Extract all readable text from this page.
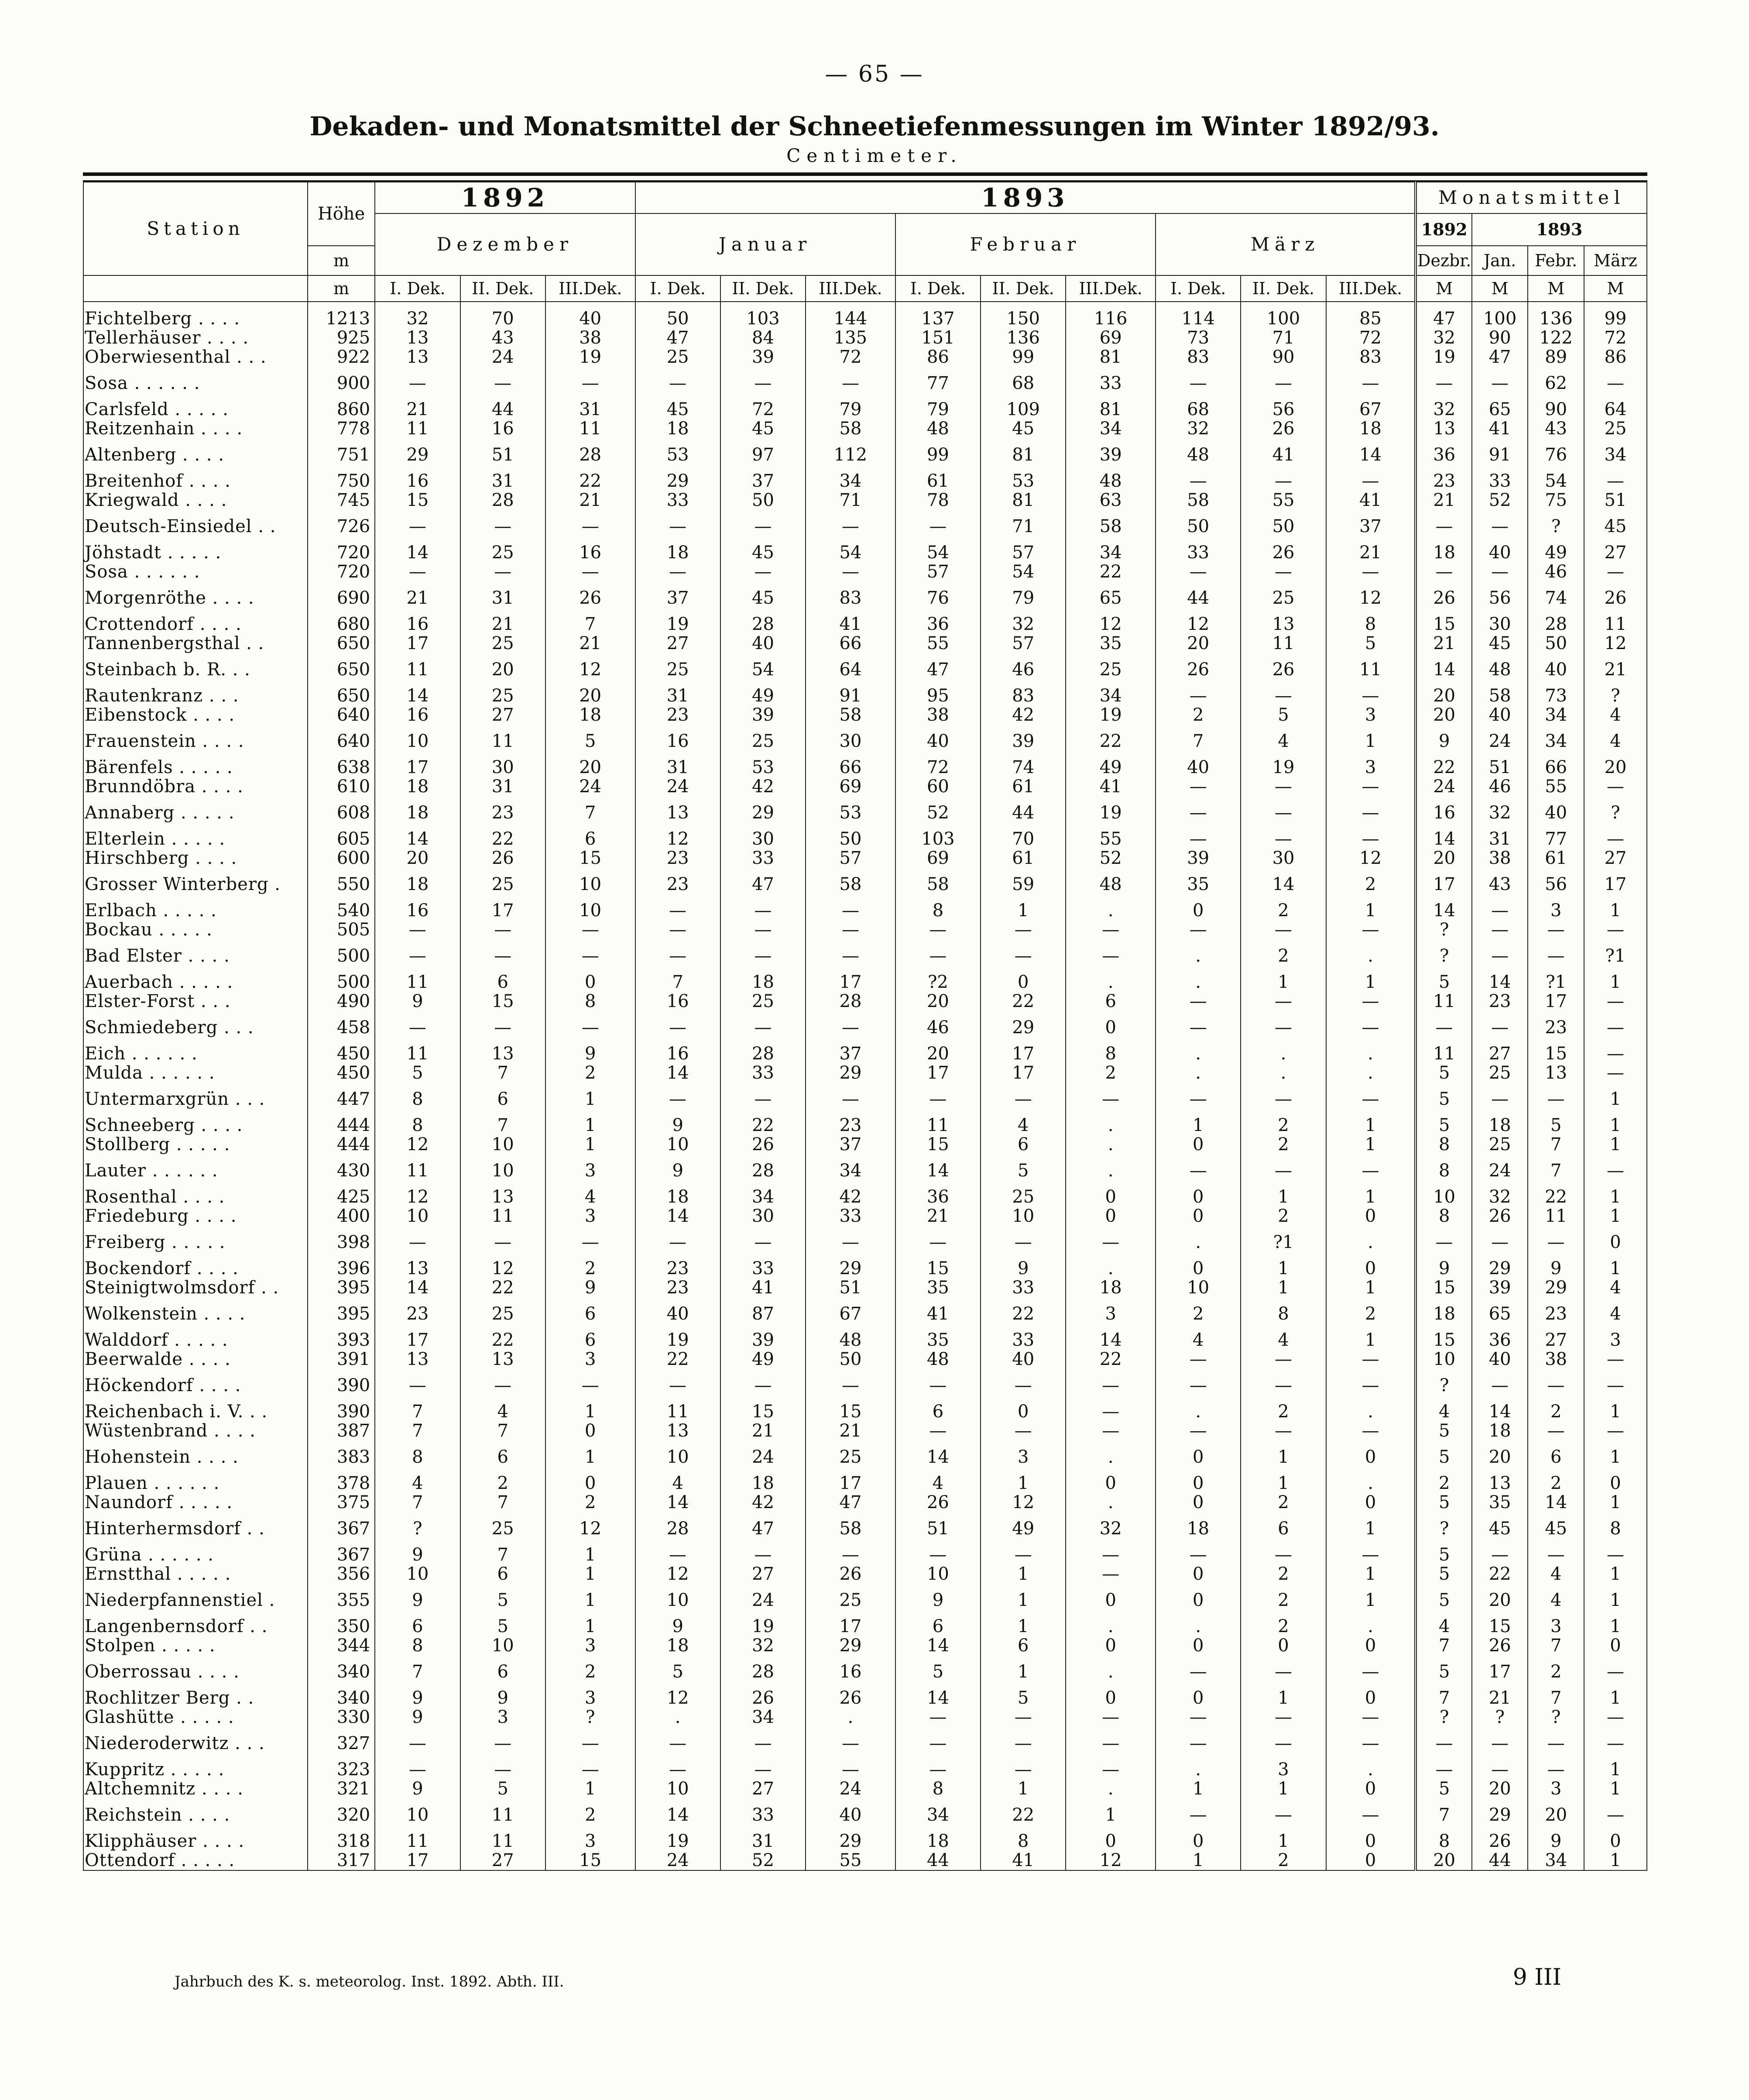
— 65 —
Dekaden- und Monatsmittel der Schneetiefenmessungen im Winter 1892/93.
Centimeter.
Station	Höhe	1892			1893									Monatsmittel			
		Dezember			Januar			Februar			März			1892	1893		
	m													Dezbr.	Jan.	Febr.	März
	m	I. Dek.	II. Dek.	III.Dek.	I. Dek.	II. Dek.	III.Dek.	I. Dek.	II. Dek.	III.Dek.	I. Dek.	II. Dek.	III.Dek.	M	M	M	M
Fichtelberg . . . .	1213	32	70	40	50	103	144	137	150	116	114	100	85	47	100	136	99
Tellerhäuser . . . .	925	13	43	38	47	84	135	151	136	69	73	71	72	32	90	122	72
Oberwiesenthal . . .	922	13	24	19	25	39	72	86	99	81	83	90	83	19	47	89	86
Sosa . . . . . .	900	—	—	—	—	—	—	77	68	33	—	—	—	—	—	62	—
Carlsfeld . . . . .	860	21	44	31	45	72	79	79	109	81	68	56	67	32	65	90	64
Reitzenhain . . . .	778	11	16	11	18	45	58	48	45	34	32	26	18	13	41	43	25
Altenberg . . . .	751	29	51	28	53	97	112	99	81	39	48	41	14	36	91	76	34
Breitenhof . . . .	750	16	31	22	29	37	34	61	53	48	—	—	—	23	33	54	—
Kriegwald . . . .	745	15	28	21	33	50	71	78	81	63	58	55	41	21	52	75	51
Deutsch-Einsiedel . .	726	—	—	—	—	—	—	—	71	58	50	50	37	—	—	?	45
Jöhstadt . . . . .	720	14	25	16	18	45	54	54	57	34	33	26	21	18	40	49	27
Sosa . . . . . .	720	—	—	—	—	—	—	57	54	22	—	—	—	—	—	46	—
Morgenröthe . . . .	690	21	31	26	37	45	83	76	79	65	44	25	12	26	56	74	26
Crottendorf . . . .	680	16	21	7	19	28	41	36	32	12	12	13	8	15	30	28	11
Tannenbergsthal . .	650	17	25	21	27	40	66	55	57	35	20	11	5	21	45	50	12
Steinbach b. R. . .	650	11	20	12	25	54	64	47	46	25	26	26	11	14	48	40	21
Rautenkranz . . .	650	14	25	20	31	49	91	95	83	34	—	—	—	20	58	73	?
Eibenstock . . . .	640	16	27	18	23	39	58	38	42	19	2	5	3	20	40	34	4
Frauenstein . . . .	640	10	11	5	16	25	30	40	39	22	7	4	1	9	24	34	4
Bärenfels . . . . .	638	17	30	20	31	53	66	72	74	49	40	19	3	22	51	66	20
Brunndöbra . . . .	610	18	31	24	24	42	69	60	61	41	—	—	—	24	46	55	—
Annaberg . . . . .	608	18	23	7	13	29	53	52	44	19	—	—	—	16	32	40	?
Elterlein . . . . .	605	14	22	6	12	30	50	103	70	55	—	—	—	14	31	77	—
Hirschberg . . . .	600	20	26	15	23	33	57	69	61	52	39	30	12	20	38	61	27
Grosser Winterberg .	550	18	25	10	23	47	58	58	59	48	35	14	2	17	43	56	17
Erlbach . . . . .	540	16	17	10	—	—	—	8	1	.	0	2	1	14	—	3	1
Bockau . . . . .	505	—	—	—	—	—	—	—	—	—	—	—	—	?	—	—	—
Bad Elster . . . .	500	—	—	—	—	—	—	—	—	—	.	2	.	?	—	—	?1
Auerbach . . . . .	500	11	6	0	7	18	17	?2	0	.	.	1	1	5	14	?1	1
Elster-Forst . . .	490	9	15	8	16	25	28	20	22	6	—	—	—	11	23	17	—
Schmiedeberg . . .	458	—	—	—	—	—	—	46	29	0	—	—	—	—	—	23	—
Eich . . . . . .	450	11	13	9	16	28	37	20	17	8	.	.	.	11	27	15	—
Mulda . . . . . .	450	5	7	2	14	33	29	17	17	2	.	.	.	5	25	13	—
Untermarxgrün . . .	447	8	6	1	—	—	—	—	—	—	—	—	—	5	—	—	1
Schneeberg . . . .	444	8	7	1	9	22	23	11	4	.	1	2	1	5	18	5	1
Stollberg . . . . .	444	12	10	1	10	26	37	15	6	.	0	2	1	8	25	7	1
Lauter . . . . . .	430	11	10	3	9	28	34	14	5	.	—	—	—	8	24	7	—
Rosenthal . . . .	425	12	13	4	18	34	42	36	25	0	0	1	1	10	32	22	1
Friedeburg . . . .	400	10	11	3	14	30	33	21	10	0	0	2	0	8	26	11	1
Freiberg . . . . .	398	—	—	—	—	—	—	—	—	—	.	?1	.	—	—	—	0
Bockendorf . . . .	396	13	12	2	23	33	29	15	9	.	0	1	0	9	29	9	1
Steinigtwolmsdorf . .	395	14	22	9	23	41	51	35	33	18	10	1	1	15	39	29	4
Wolkenstein . . . .	395	23	25	6	40	87	67	41	22	3	2	8	2	18	65	23	4
Walddorf . . . . .	393	17	22	6	19	39	48	35	33	14	4	4	1	15	36	27	3
Beerwalde . . . .	391	13	13	3	22	49	50	48	40	22	—	—	—	10	40	38	—
Höckendorf . . . .	390	—	—	—	—	—	—	—	—	—	—	—	—	?	—	—	—
Reichenbach i. V. . .	390	7	4	1	11	15	15	6	0	—	.	2	.	4	14	2	1
Wüstenbrand . . . .	387	7	7	0	13	21	21	—	—	—	—	—	—	5	18	—	—
Hohenstein . . . .	383	8	6	1	10	24	25	14	3	.	0	1	0	5	20	6	1
Plauen . . . . . .	378	4	2	0	4	18	17	4	1	0	0	1	.	2	13	2	0
Naundorf . . . . .	375	7	7	2	14	42	47	26	12	.	0	2	0	5	35	14	1
Hinterhermsdorf . .	367	?	25	12	28	47	58	51	49	32	18	6	1	?	45	45	8
Grüna . . . . . .	367	9	7	1	—	—	—	—	—	—	—	—	—	5	—	—	—
Ernstthal . . . . .	356	10	6	1	12	27	26	10	1	—	0	2	1	5	22	4	1
Niederpfannenstiel .	355	9	5	1	10	24	25	9	1	0	0	2	1	5	20	4	1
Langenbernsdorf . .	350	6	5	1	9	19	17	6	1	.	.	2	.	4	15	3	1
Stolpen . . . . .	344	8	10	3	18	32	29	14	6	0	0	0	0	7	26	7	0
Oberrossau . . . .	340	7	6	2	5	28	16	5	1	.	—	—	—	5	17	2	—
Rochlitzer Berg . .	340	9	9	3	12	26	26	14	5	0	0	1	0	7	21	7	1
Glashütte . . . . .	330	9	3	?	.	34	.	—	—	—	—	—	—	?	?	?	—
Niederoderwitz . . .	327	—	—	—	—	—	—	—	—	—	—	—	—	—	—	—	—
Kuppritz . . . . .	323	—	—	—	—	—	—	—	—	—	.	3	.	—	—	—	1
Altchemnitz . . . .	321	9	5	1	10	27	24	8	1	.	1	1	0	5	20	3	1
Reichstein . . . .	320	10	11	2	14	33	40	34	22	1	—	—	—	7	29	20	—
Klipphäuser . . . .	318	11	11	3	19	31	29	18	8	0	0	1	0	8	26	9	0
Ottendorf . . . . .	317	17	27	15	24	52	55	44	41	12	1	2	0	20	44	34	1
Jahrbuch des K. s. meteorolog. Inst. 1892. Abth. III.	9 III
